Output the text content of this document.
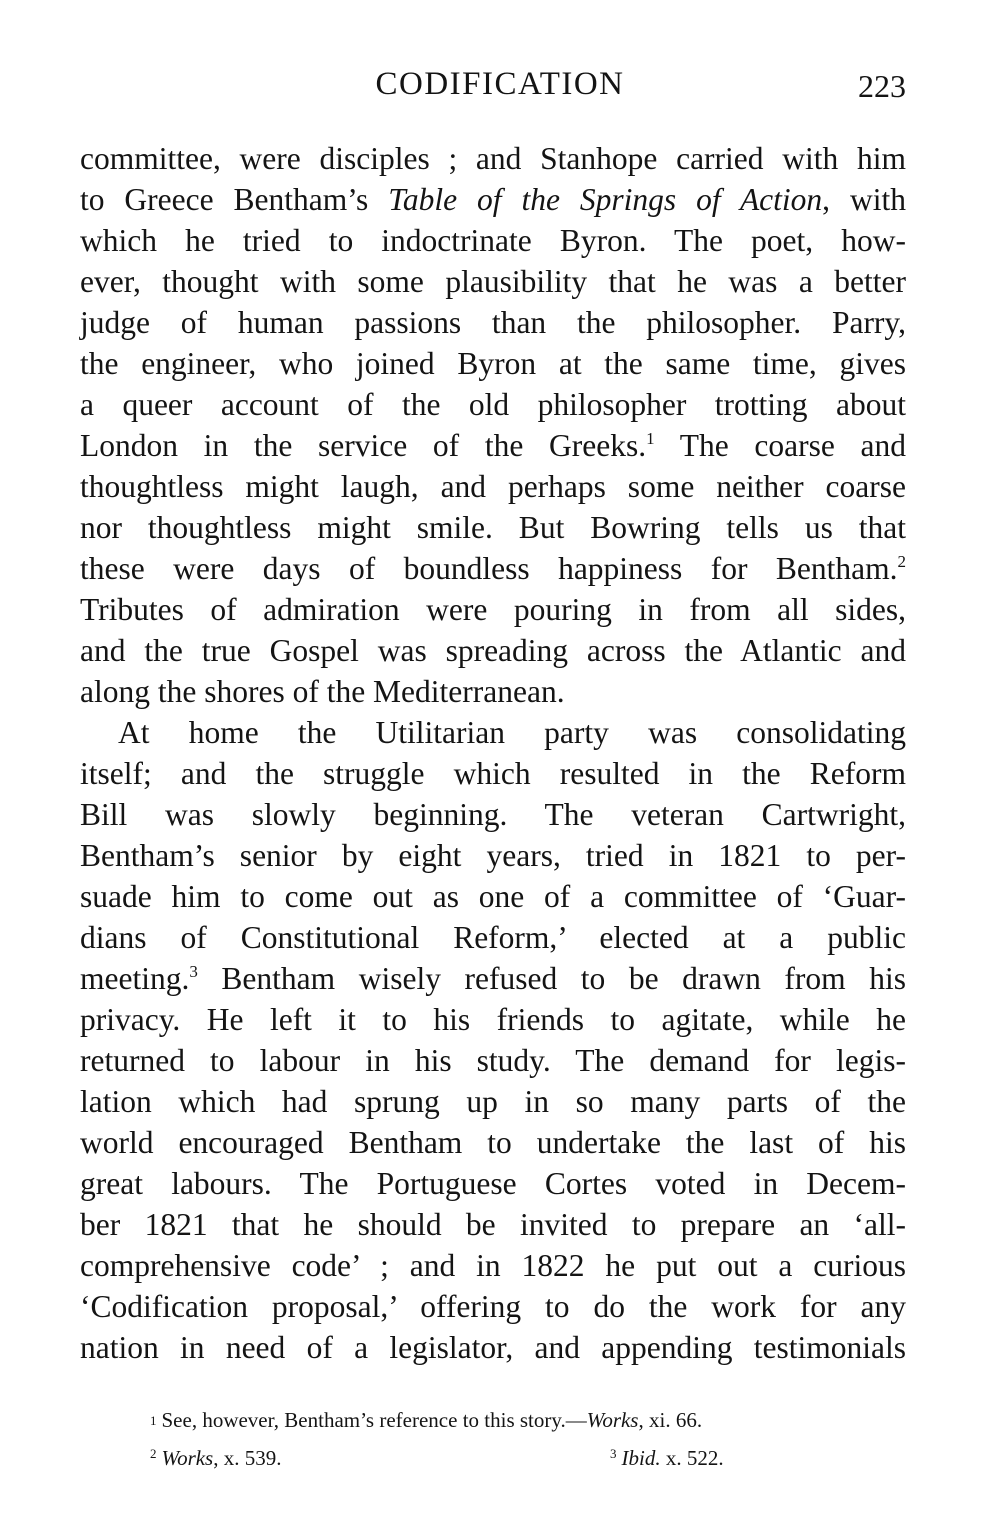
CODIFICATION	223
committee, were disciples ; and Stanhope carried with him
to Greece Bentham’s Table of the Springs of Action, with
which he tried to indoctrinate Byron. The poet, how-
ever, thought with some plausibility that he was a better
judge of human passions than the philosopher. Parry,
the engineer, who joined Byron at the same time, gives
a queer account of the old philosopher trotting about
London in the service of the Greeks.$^1$ The coarse and
thoughtless might laugh, and perhaps some neither coarse
nor thoughtless might smile. But Bowring tells us that
these were days of boundless happiness for Bentham.$^2$
Tributes of admiration were pouring in from all sides,
and the true Gospel was spreading across the Atlantic and
along the shores of the Mediterranean.
At home the Utilitarian party was consolidating
itself; and the struggle which resulted in the Reform
Bill was slowly beginning. The veteran Cartwright,
Bentham’s senior by eight years, tried in 1821 to per-
suade him to come out as one of a committee of ‘Guar-
dians of Constitutional Reform,’ elected at a public
meeting.$^3$ Bentham wisely refused to be drawn from his
privacy. He left it to his friends to agitate, while he
returned to labour in his study. The demand for legis-
lation which had sprung up in so many parts of the
world encouraged Bentham to undertake the last of his
great labours. The Portuguese Cortes voted in Decem-
ber 1821 that he should be invited to prepare an ‘all-
comprehensive code’ ; and in 1822 he put out a curious
‘Codification proposal,’ offering to do the work for any
nation in need of a legislator, and appending testimonials
1 See, however, Bentham’s reference to this story.— Works , xi. 66.
$^2$ Works, x. 539.	$^3$ Ibid. x. 522.
